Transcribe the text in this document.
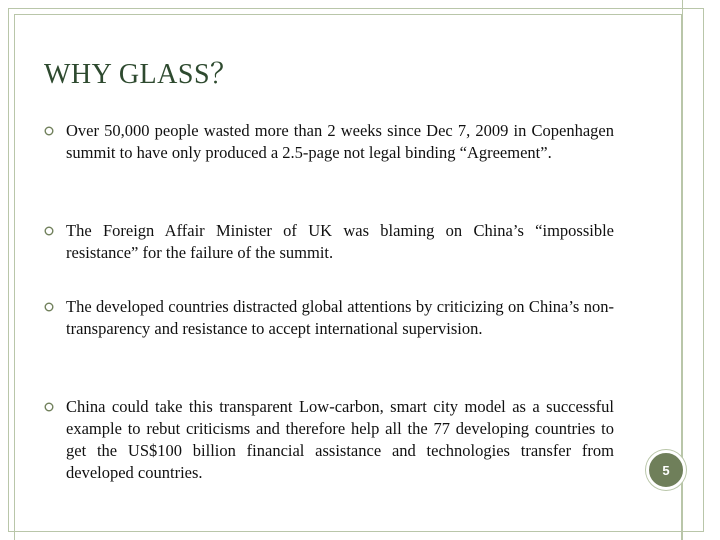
WHY GLASS？
Over 50,000 people wasted more than 2 weeks since Dec 7, 2009 in Copenhagen summit to have only produced a 2.5-page not legal binding “Agreement”.
The Foreign Affair Minister of UK was blaming on China’s “impossible resistance” for the failure of the summit.
The developed countries distracted global attentions by criticizing on China’s non-transparency and resistance to accept international supervision.
China could take this transparent Low-carbon, smart city model as a successful example to rebut criticisms and therefore help all the 77 developing countries to get the US$100 billion financial assistance and technologies transfer from developed countries.	5
